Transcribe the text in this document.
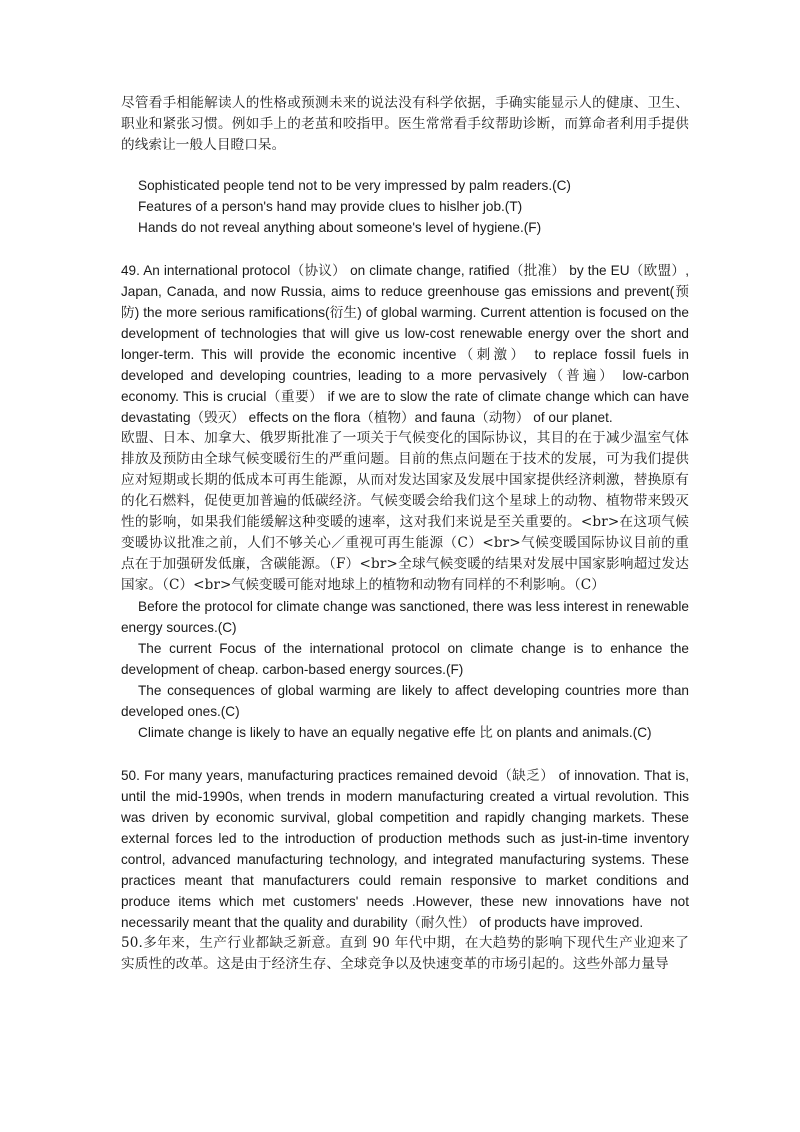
尽管看手相能解读人的性格或预测未来的说法没有科学依据，手确实能显示人的健康、卫生、职业和紧张习惯。例如手上的老茧和咬指甲。医生常常看手纹帮助诊断，而算命者利用手提供的线索让一般人目瞪口呆。

Sophisticated people tend not to be very impressed by palm readers.(C)

Features of a person's hand may provide clues to hislher job.(T)

Hands do not reveal anything about someone's level of hygiene.(F)

49. An international protocol（协议） on climate change, ratified（批准） by the EU（欧盟）, Japan, Canada, and now Russia, aims to reduce greenhouse gas emissions and prevent(预防) the more serious ramifications(衍生) of global warming. Current attention is focused on the development of technologies that will give us low-cost renewable energy over the short and longer-term. This will provide the economic incentive（刺激） to replace fossil fuels in developed and developing countries, leading to a more pervasively（普遍） low-carbon economy. This is crucial（重要） if we are to slow the rate of climate change which can have devastating（毁灭） effects on the flora（植物）and fauna（动物） of our planet.

欧盟、日本、加拿大、俄罗斯批准了一项关于气候变化的国际协议，其目的在于减少温室气体排放及预防由全球气候变暖衍生的严重问题。目前的焦点问题在于技术的发展，可为我们提供应对短期或长期的低成本可再生能源，从而对发达国家及发展中国家提供经济刺激，替换原有的化石燃料，促使更加普遍的低碳经济。气候变暖会给我们这个星球上的动物、植物带来毁灭性的影响，如果我们能缓解这种变暖的速率，这对我们来说是至关重要的。<br>在这项气候变暖协议批准之前，人们不够关心／重视可再生能源（C）<br>气候变暖国际协议目前的重点在于加强研发低廉，含碳能源。（F）<br>全球气候变暖的结果对发展中国家影响超过发达国家。（C）<br>气候变暖可能对地球上的植物和动物有同样的不利影响。（C）

Before the protocol for climate change was sanctioned, there was less interest in renewable energy sources.(C)

The current Focus of the international protocol on climate change is to enhance the development of cheap. carbon-based energy sources.(F)

The consequences of global warming are likely to affect developing countries more than developed ones.(C)

Climate change is likely to have an equally negative effe 比 on plants and animals.(C)

50. For many years, manufacturing practices remained devoid（缺乏） of innovation. That is, until the mid-1990s, when trends in modern manufacturing created a virtual revolution. This was driven by economic survival, global competition and rapidly changing markets. These external forces led to the introduction of production methods such as just-in-time inventory control, advanced manufacturing technology, and integrated manufacturing systems. These practices meant that manufacturers could remain responsive to market conditions and produce items which met customers' needs .However, these new innovations have not necessarily meant that the quality and durability（耐久性） of products have improved.

50.多年来，生产行业都缺乏新意。直到 90 年代中期，在大趋势的影响下现代生产业迎来了实质性的改革。这是由于经济生存、全球竞争以及快速变革的市场引起的。这些外部力量导
